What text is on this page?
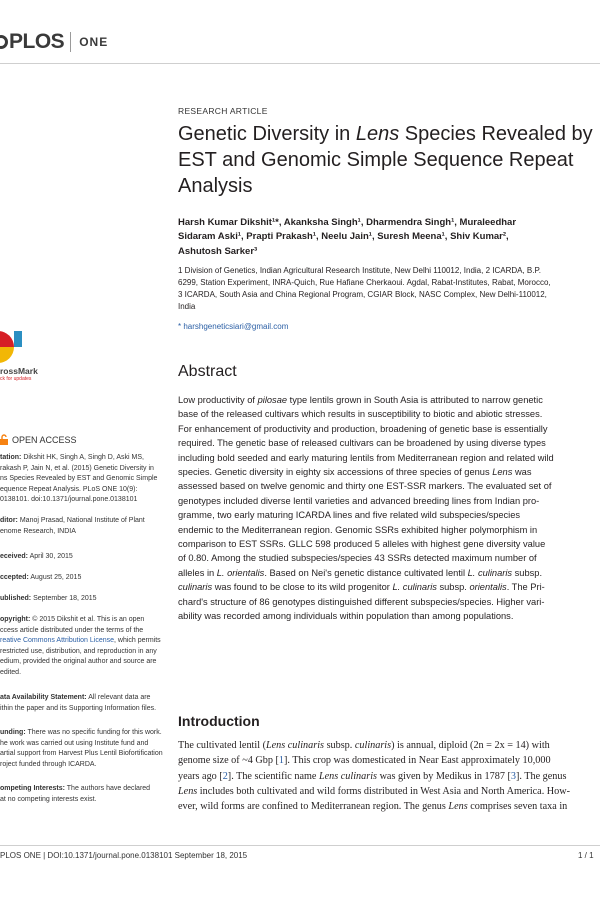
PLOS ONE
rossMark
ck for updates
OPEN ACCESS
tation: Dikshit HK, Singh A, Singh D, Aski MS,
rakash P, Jain N, et al. (2015) Genetic Diversity in
ns Species Revealed by EST and Genomic Simple
equence Repeat Analysis. PLoS ONE 10(9):
0138101. doi:10.1371/journal.pone.0138101
ditor: Manoj Prasad, National Institute of Plant
enome Research, INDIA
eceived: April 30, 2015
ccepted: August 25, 2015
ublished: September 18, 2015
opyright: © 2015 Dikshit et al. This is an open
ccess article distributed under the terms of the
reative Commons Attribution License, which permits
restricted use, distribution, and reproduction in any
edium, provided the original author and source are
edited.
ata Availability Statement: All relevant data are
ithin the paper and its Supporting Information files.
unding: There was no specific funding for this work.
he work was carried out using Institute fund and
artial support from Harvest Plus Lentil Biofortification
roject funded through ICARDA.
ompeting Interests: The authors have declared
at no competing interests exist.
RESEARCH ARTICLE
Genetic Diversity in Lens Species Revealed by
EST and Genomic Simple Sequence Repeat
Analysis
Harsh Kumar Dikshit¹*, Akanksha Singh¹, Dharmendra Singh¹, Muraleedhar
Sidaram Aski¹, Prapti Prakash¹, Neelu Jain¹, Suresh Meena¹, Shiv Kumar²,
Ashutosh Sarker³
1 Division of Genetics, Indian Agricultural Research Institute, New Delhi 110012, India, 2 ICARDA, B.P.
6299, Station Experiment, INRA-Quich, Rue Hafiane Cherkaoui. Agdal, Rabat-Institutes, Rabat, Morocco,
3 ICARDA, South Asia and China Regional Program, CGIAR Block, NASC Complex, New Delhi-110012,
India
* harshgeneticsiari@gmail.com
Abstract
Low productivity of pilosae type lentils grown in South Asia is attributed to narrow genetic
base of the released cultivars which results in susceptibility to biotic and abiotic stresses.
For enhancement of productivity and production, broadening of genetic base is essentially
required. The genetic base of released cultivars can be broadened by using diverse types
including bold seeded and early maturing lentils from Mediterranean region and related wild
species. Genetic diversity in eighty six accessions of three species of genus Lens was
assessed based on twelve genomic and thirty one EST-SSR markers. The evaluated set of
genotypes included diverse lentil varieties and advanced breeding lines from Indian pro-
gramme, two early maturing ICARDA lines and five related wild subspecies/species
endemic to the Mediterranean region. Genomic SSRs exhibited higher polymorphism in
comparison to EST SSRs. GLLC 598 produced 5 alleles with highest gene diversity value
of 0.80. Among the studied subspecies/species 43 SSRs detected maximum number of
alleles in L. orientalis. Based on Nei's genetic distance cultivated lentil L. culinaris subsp.
culinaris was found to be close to its wild progenitor L. culinaris subsp. orientalis. The Pri-
chard's structure of 86 genotypes distinguished different subspecies/species. Higher vari-
ability was recorded among individuals within population than among populations.
Introduction
The cultivated lentil (Lens culinaris subsp. culinaris) is annual, diploid (2n = 2x = 14) with
genome size of ~4 Gbp [1]. This crop was domesticated in Near East approximately 10,000
years ago [2]. The scientific name Lens culinaris was given by Medikus in 1787 [3]. The genus
Lens includes both cultivated and wild forms distributed in West Asia and North America. How-
ever, wild forms are confined to Mediterranean region. The genus Lens comprises seven taxa in
PLOS ONE | DOI:10.1371/journal.pone.0138101 September 18, 2015	1 / 1
